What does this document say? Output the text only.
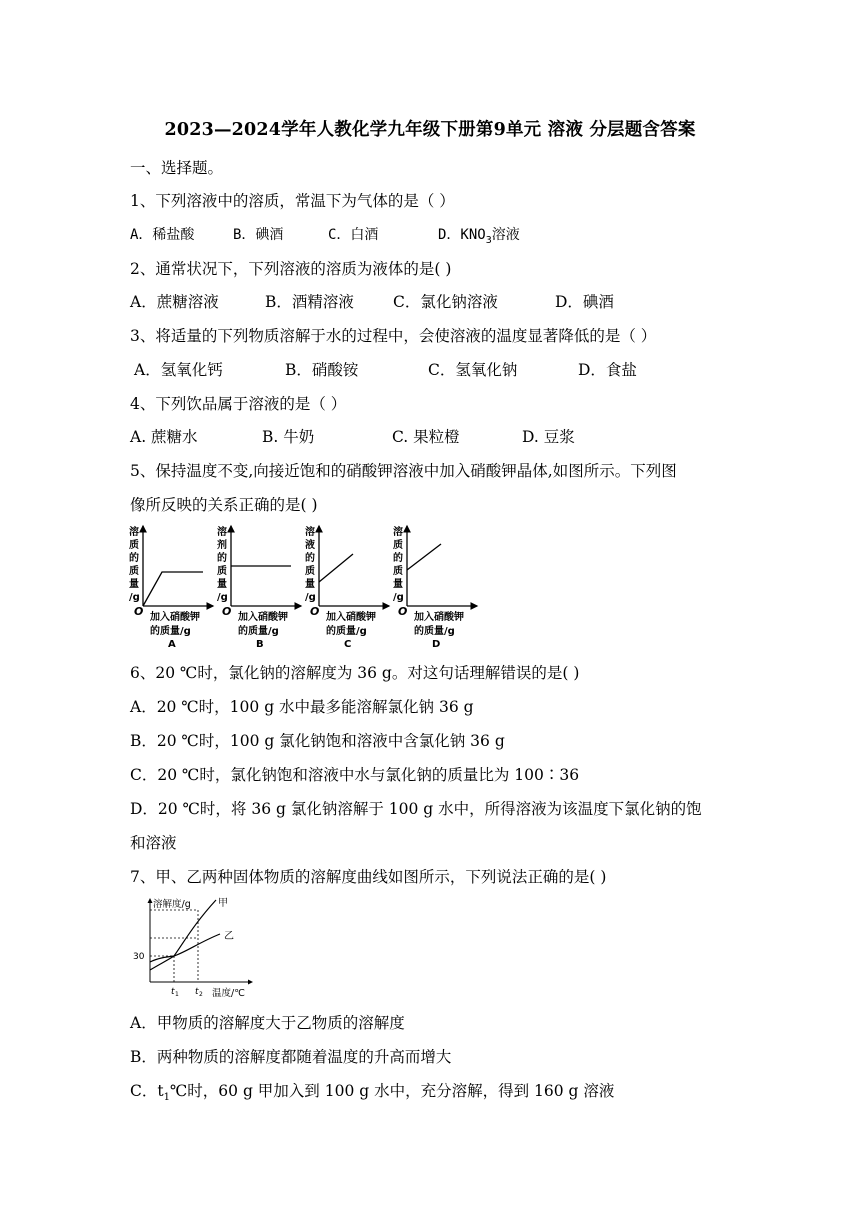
2023—2024学年人教化学九年级下册第9单元 溶液 分层题含答案
一、选择题。
1、下列溶液中的溶质，常温下为气体的是（ ）
A．稀盐酸	B．碘酒	C．白酒	D．$KNO_3$溶液
2、通常状况下，下列溶液的溶质为液体的是( )
A．蔗糖溶液	B．酒精溶液	C．氯化钠溶液	D．碘酒
3、将适量的下列物质溶解于水的过程中，会使溶液的温度显著降低的是（ ）
A．氢氧化钙	B．硝酸铵	C．氢氧化钠	D．食盐
4、下列饮品属于溶液的是（ ）
A. 蔗糖水	B. 牛奶	C. 果粒橙	D. 豆浆
5、保持温度不变,向接近饱和的硝酸钾溶液中加入硝酸钾晶体,如图所示。下列图
像所反映的关系正确的是( )
溶
质
的
质
量
/g
O 加入硝酸钾
的质量/g
A
溶
剂
的
质
量
/g
O 加入硝酸钾
的质量/g
B
溶
液
的
质
量
/g
O 加入硝酸钾
的质量/g
C
溶
质
的
质
量
/g
O 加入硝酸钾
的质量/g
D
6、20 ℃时，氯化钠的溶解度为 36 g。对这句话理解错误的是( )
A．20 ℃时，100 g 水中最多能溶解氯化钠 36 g
B．20 ℃时，100 g 氯化钠饱和溶液中含氯化钠 36 g
C．20 ℃时，氯化钠饱和溶液中水与氯化钠的质量比为 100∶36
D．20 ℃时，将 36 g 氯化钠溶解于 100 g 水中，所得溶液为该温度下氯化钠的饱
和溶液
7、甲、乙两种固体物质的溶解度曲线如图所示，下列说法正确的是( )
溶解度/g	甲
乙
30
t 1 t 2 温度/℃
A．甲物质的溶解度大于乙物质的溶解度
B．两种物质的溶解度都随着温度的升高而增大
C．$t_1℃$时，60 g 甲加入到 100 g 水中，充分溶解，得到 160 g 溶液
